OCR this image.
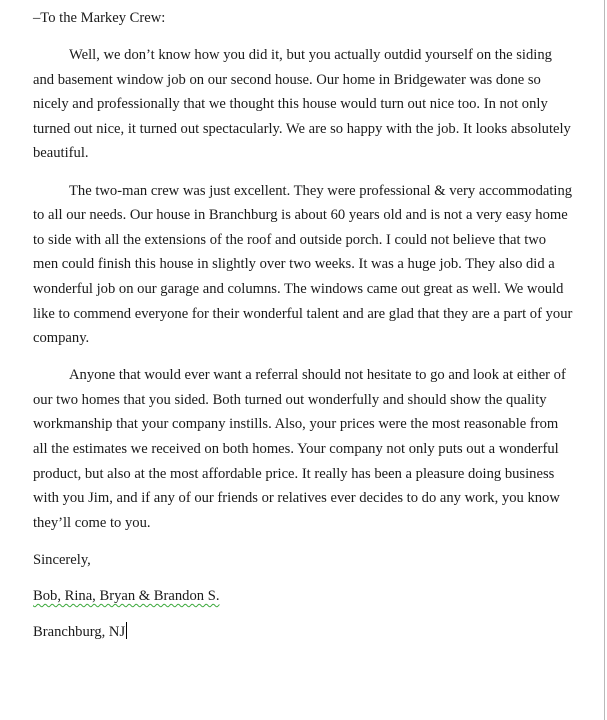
–To the Markey Crew:

Well, we don’t know how you did it, but you actually outdid yourself on the siding and basement window job on our second house. Our home in Bridgewater was done so nicely and professionally that we thought this house would turn out nice too. In not only turned out nice, it turned out spectacularly. We are so happy with the job. It looks absolutely beautiful.

The two-man crew was just excellent. They were professional & very accommodating to all our needs. Our house in Branchburg is about 60 years old and is not a very easy home to side with all the extensions of the roof and outside porch. I could not believe that two men could finish this house in slightly over two weeks. It was a huge job. They also did a wonderful job on our garage and columns. The windows came out great as well. We would like to commend everyone for their wonderful talent and are glad that they are a part of your company.

Anyone that would ever want a referral should not hesitate to go and look at either of our two homes that you sided. Both turned out wonderfully and should show the quality workmanship that your company instills. Also, your prices were the most reasonable from all the estimates we received on both homes. Your company not only puts out a wonderful product, but also at the most affordable price. It really has been a pleasure doing business with you Jim, and if any of our friends or relatives ever decides to do any work, you know they’ll come to you.

Sincerely,

Bob, Rina, Bryan & Brandon S.

Branchburg, NJ
